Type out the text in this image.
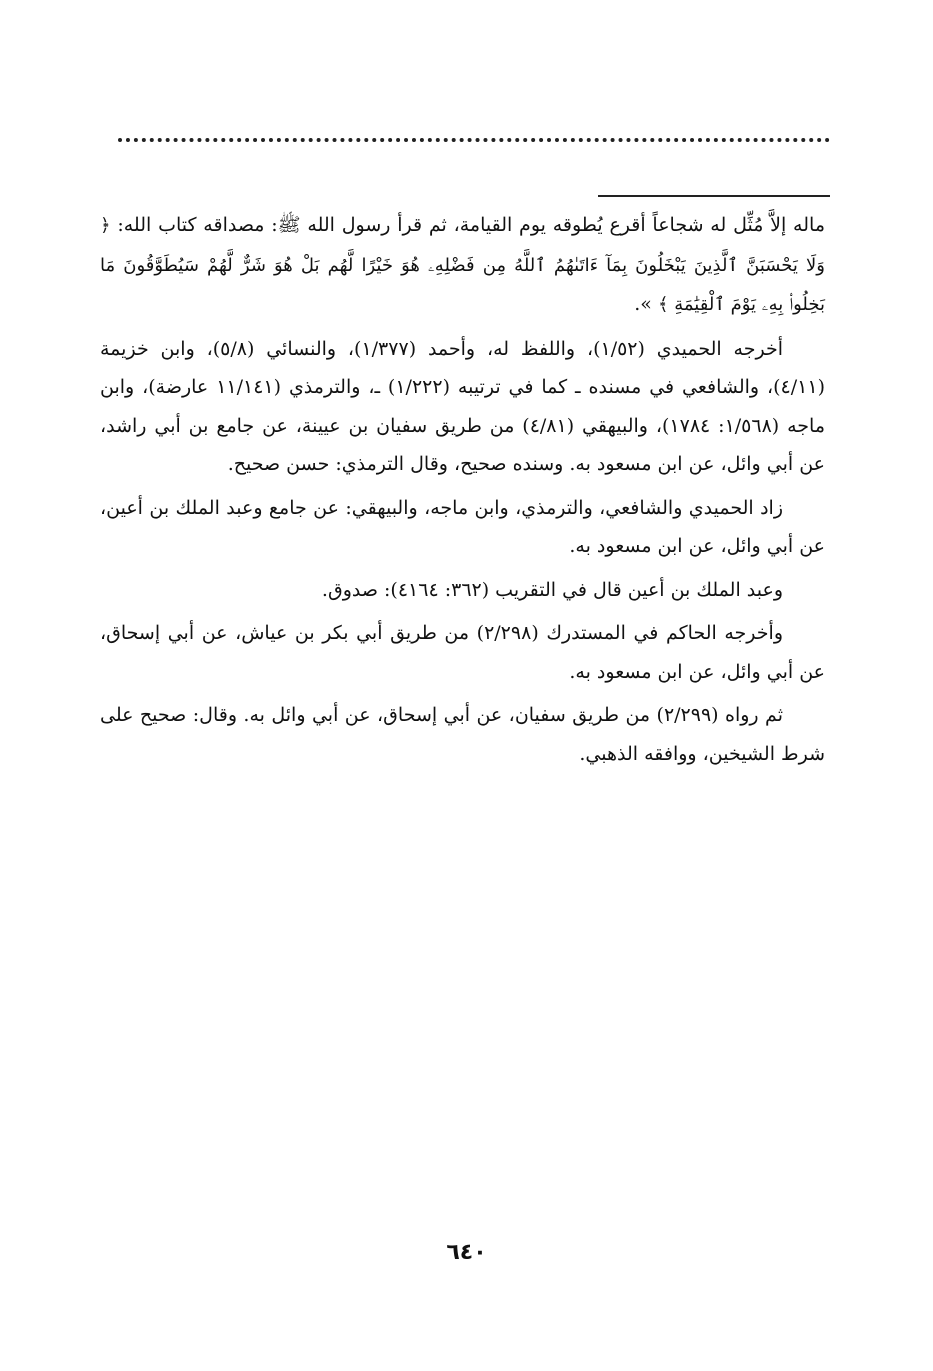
ماله إلاَّ مُثِّل له شجاعاً أقرع يُطوقه يوم القيامة، ثم قرأ رسول الله ﷺ: مصداقه كتاب الله: ﴿ وَلَا يَحْسَبَنَّ ٱلَّذِينَ يَبْخَلُونَ بِمَآ ءَاتَىٰهُمُ ٱللَّهُ مِن فَضْلِهِۦ هُوَ خَيْرًا لَّهُم بَلْ هُوَ شَرٌّ لَّهُمْ سَيُطَوَّقُونَ مَا بَخِلُوا۟ بِهِۦ يَوْمَ ٱلْقِيَٰمَةِ ﴾ ».

أخرجه الحميدي (١/٥٢)، واللفظ له، وأحمد (١/٣٧٧)، والنسائي (٥/٨)، وابن خزيمة (٤/١١)، والشافعي في مسنده ـ كما في ترتيبه (١/٢٢٢) ـ، والترمذي (١١/١٤١ عارضة)، وابن ماجه (١/٥٦٨: ١٧٨٤)، والبيهقي (٤/٨١) من طريق سفيان بن عيينة، عن جامع بن أبي راشد، عن أبي وائل، عن ابن مسعود به. وسنده صحيح، وقال الترمذي: حسن صحيح.

زاد الحميدي والشافعي، والترمذي، وابن ماجه، والبيهقي: عن جامع وعبد الملك بن أعين، عن أبي وائل، عن ابن مسعود به.

وعبد الملك بن أعين قال في التقريب (٣٦٢: ٤١٦٤): صدوق.

وأخرجه الحاكم في المستدرك (٢/٢٩٨) من طريق أبي بكر بن عياش، عن أبي إسحاق، عن أبي وائل، عن ابن مسعود به.

ثم رواه (٢/٢٩٩) من طريق سفيان، عن أبي إسحاق، عن أبي وائل به. وقال: صحيح على شرط الشيخين، ووافقه الذهبي.

٦٤٠
